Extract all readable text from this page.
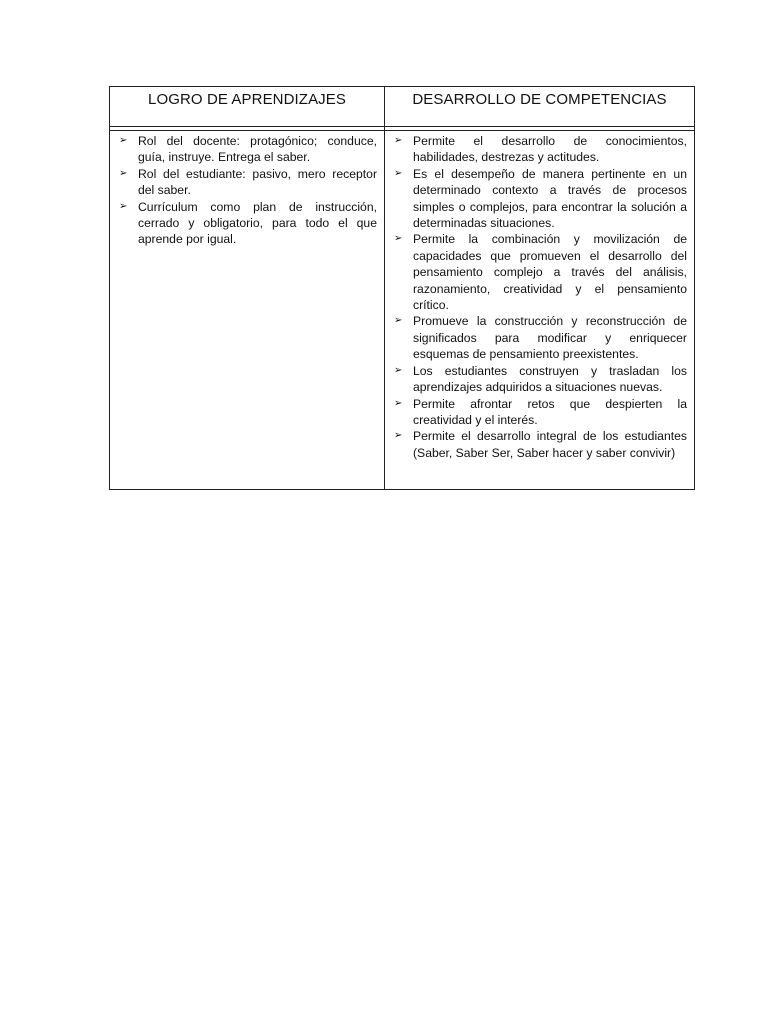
LOGRO DE APRENDIZAJES
➢ Rol del docente: protagónico; conduce, guía, instruye. Entrega el saber.
➢ Rol del estudiante: pasivo, mero receptor del saber.
➢ Currículum como plan de instrucción, cerrado y obligatorio, para todo el que aprende por igual.
DESARROLLO DE COMPETENCIAS
➢ Permite el desarrollo de conocimientos, habilidades, destrezas y actitudes.
➢ Es el desempeño de manera pertinente en un determinado contexto a través de procesos simples o complejos, para encontrar la solución a determinadas situaciones.
➢ Permite la combinación y movilización de capacidades que promueven el desarrollo del pensamiento complejo a través del análisis, razonamiento, creatividad y el pensamiento crítico.
➢ Promueve la construcción y reconstrucción de significados para modificar y enriquecer esquemas de pensamiento preexistentes.
➢ Los estudiantes construyen y trasladan los aprendizajes adquiridos a situaciones nuevas.
➢ Permite afrontar retos que despierten la creatividad y el interés.
➢ Permite el desarrollo integral de los estudiantes (Saber, Saber Ser, Saber hacer y saber convivir)
